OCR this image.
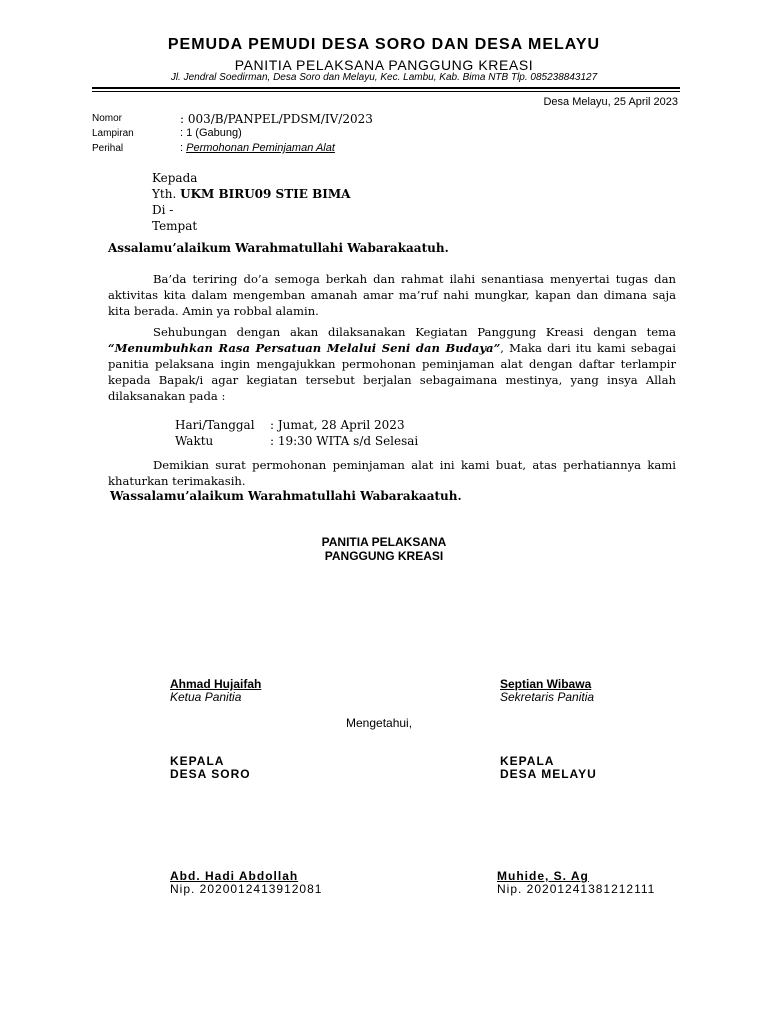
PEMUDA PEMUDI DESA SORO DAN DESA MELAYU
PANITIA PELAKSANA PANGGUNG KREASI
Jl. Jendral Soedirman, Desa Soro dan Melayu, Kec. Lambu, Kab. Bima NTB Tlp. 085238843127
Desa Melayu, 25 April 2023
Nomor	: 003/B/PANPEL/PDSM/IV/2023
Lampiran	: 1 (Gabung)
Perihal	: Permohonan Peminjaman Alat
Kepada
Yth. UKM BIRU09 STIE BIMA
Di -
Tempat
Assalamu’alaikum Warahmatullahi Wabarakaatuh.
Ba’da teriring do’a semoga berkah dan rahmat ilahi senantiasa menyertai tugas dan aktivitas kita dalam mengemban amanah amar ma’ruf nahi mungkar, kapan dan dimana saja kita berada. Amin ya robbal alamin.
Sehubungan dengan akan dilaksanakan Kegiatan Panggung Kreasi dengan tema “Menumbuhkan Rasa Persatuan Melalui Seni dan Budaya”, Maka dari itu kami sebagai panitia pelaksana ingin mengajukkan permohonan peminjaman alat dengan daftar terlampir kepada Bapak/i agar kegiatan tersebut berjalan sebagaimana mestinya, yang insya Allah dilaksanakan pada :
Hari/Tanggal : Jumat, 28 April 2023
Waktu	: 19:30 WITA s/d Selesai
Demikian surat permohonan peminjaman alat ini kami buat, atas perhatiannya kami khaturkan terimakasih.
Wassalamu’alaikum Warahmatullahi Wabarakaatuh.
PANITIA PELAKSANA
PANGGUNG KREASI
Ahmad Hujaifah
Ketua Panitia
Septian Wibawa
Sekretaris Panitia
Mengetahui,
KEPALA
DESA SORO
KEPALA
DESA MELAYU
Abd. Hadi Abdollah
Nip. 2020012413912081
Muhide, S. Ag
Nip. 20201241381212111
